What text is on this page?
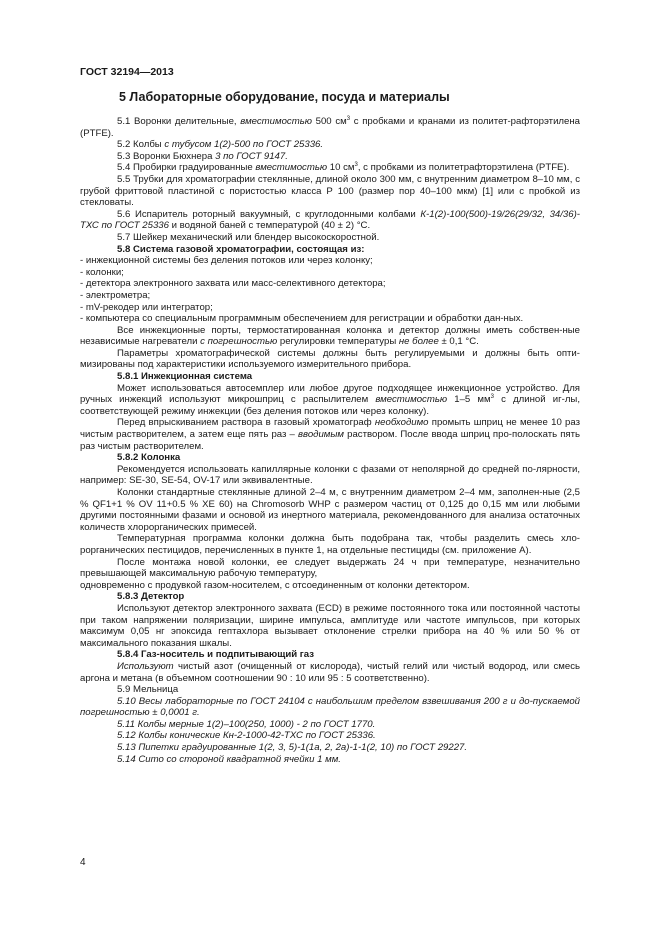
ГОСТ 32194—2013
5 Лабораторные оборудование, посуда и материалы

5.1 Воронки делительные, вместимостью 500 $см^3$ с пробками и кранами из политет-рафторэтилена (PTFE).

5.2 Колбы с тубусом 1(2)-500 по ГОСТ 25336.

5.3 Воронки Бюхнера 3 по ГОСТ 9147.

5.4 Пробирки градуированные вместимостью 10 $см^3$, с пробками из политетрафторэтилена (PTFE).

5.5 Трубки для хроматографии стеклянные, длиной около 300 мм, с внутренним диаметром 8–10 мм, с грубой фриттовой пластиной с пористостью класса Р 100 (размер пор 40–100 мкм) [1] или с пробкой из стекловаты.

5.6 Испаритель роторный вакуумный, с круглодонными колбами К-1(2)-100(500)-19/26(29/32, 34/36)-ТХС по ГОСТ 25336 и водяной баней с температурой (40 ± 2) °С.

5.7 Шейкер механический или блендер высокоскоростной.

5.8 Система газовой хроматографии, состоящая из:

- инжекционной системы без деления потоков или через колонку;

- колонки;

- детектора электронного захвата или масс-селективного детектора;

- электрометра;

- mV-рекодер или интегратор;

- компьютера со специальным программным обеспечением для регистрации и обработки дан-ных.

Все инжекционные порты, термостатированная колонка и детектор должны иметь собствен-ные независимые нагреватели с погрешностью регулировки температуры не более ± 0,1 °С.

Параметры хроматографической системы должны быть регулируемыми и должны быть опти-мизированы под характеристики используемого измерительного прибора.

5.8.1 Инжекционная система

Может использоваться автосемплер или любое другое подходящее инжекционное устройство. Для ручных инжекций используют микрошприц с распылителем вместимостью 1–5 $мм^3$ с длиной иг-лы, соответствующей режиму инжекции (без деления потоков или через колонку).

Перед впрыскиванием раствора в газовый хроматограф необходимо промыть шприц не менее 10 раз чистым растворителем, а затем еще пять раз – вводимым раствором. После ввода шприц про-полоскать пять раз чистым растворителем.

5.8.2 Колонка

Рекомендуется использовать капиллярные колонки с фазами от неполярной до средней по-лярности, например: SE-30, SE-54, OV-17 или эквивалентные.

Колонки стандартные стеклянные длиной 2–4 м, с внутренним диаметром 2–4 мм, заполнен-ные (2,5 % QF1+1 % OV 11+0.5 % ХЕ 60) на Chromosorb WHP с размером частиц от 0,125 до 0,15 мм или любыми другими постоянными фазами и основой из инертного материала, рекомендованного для анализа остаточных количеств хлорорганических примесей.

Температурная программа колонки должна быть подобрана так, чтобы разделить смесь хло-рорганических пестицидов, перечисленных в пункте 1, на отдельные пестициды (см. приложение А).

После монтажа новой колонки, ее следует выдержать 24 ч при температуре, незначительно превышающей максимальную рабочую температуру,

одновременно с продувкой газом-носителем, с отсоединенным от колонки детектором.

5.8.3 Детектор

Используют детектор электронного захвата (ECD) в режиме постоянного тока или постоянной частоты при таком напряжении поляризации, ширине импульса, амплитуде или частоте импульсов, при которых максимум 0,05 нг эпоксида гептахлора вызывает отклонение стрелки прибора на 40 % или 50 % от максимального показания шкалы.

5.8.4 Газ-носитель и подпитывающий газ

Используют чистый азот (очищенный от кислорода), чистый гелий или чистый водород, или смесь аргона и метана (в объемном соотношении 90 : 10 или 95 : 5 соответственно).

5.9 Мельница

5.10 Весы лабораторные по ГОСТ 24104 с наибольшим пределом взвешивания 200 г и до-пускаемой погрешностью ± 0,0001 г.

5.11 Колбы мерные 1(2)–100(250, 1000) - 2 по ГОСТ 1770.

5.12 Колбы конические Кн-2-1000-42-ТХС по ГОСТ 25336.

5.13 Пипетки градуированные 1(2, 3, 5)-1(1а, 2, 2а)-1-1(2, 10) по ГОСТ 29227.

5.14 Сито со стороной квадратной ячейки 1 мм.

4
